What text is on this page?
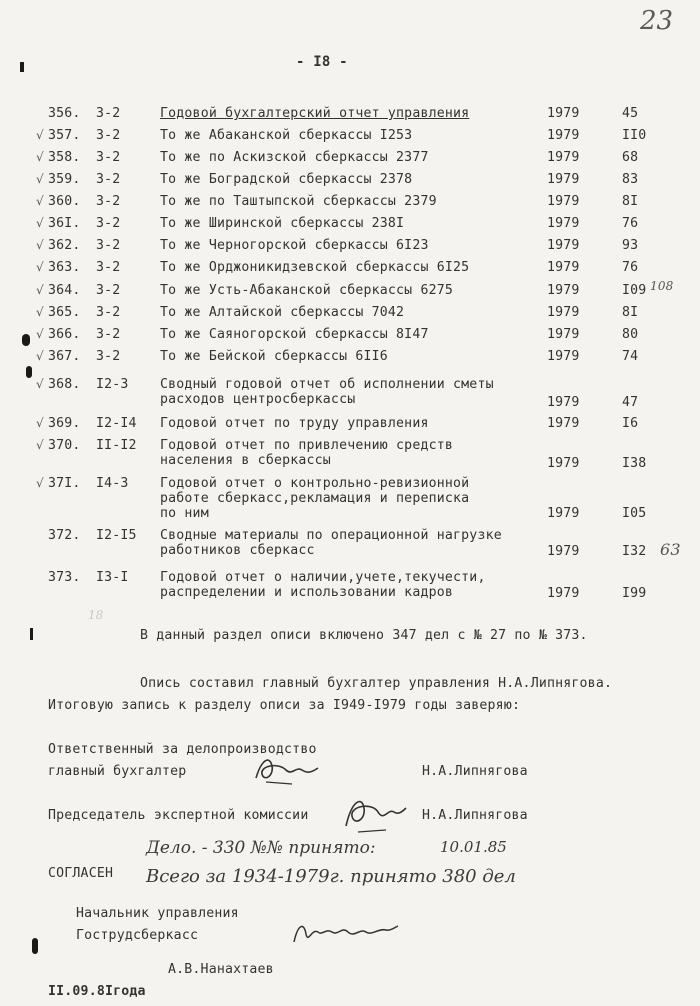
23
- I8 -
356. 3-2	Годовой бухгалтерский отчет управления	1979	45
√ 357. 3-2	То же Абаканской сберкассы I253	1979	II0
√ 358. 3-2	То же по Аскизской сберкассы 2377	1979	68
√ 359. 3-2	То же Боградской сберкассы 2378	1979	83
√ 360. 3-2	То же по Таштыпской сберкассы 2379	1979	8I
√ 36I. 3-2	То же Ширинской сберкассы 238I	1979	76
√ 362. 3-2	То же Черногорской сберкассы 6I23	1979	93
√ 363. 3-2	То же Орджоникидзевской сберкассы 6I25	1979	76
√ 364. 3-2	То же Усть-Абаканской сберкассы 6275	1979	I09 108
√ 365. 3-2	То же Алтайской сберкассы 7042	1979	8I
√ 366. 3-2	То же Саяногорской сберкассы 8I47	1979	80
√ 367. 3-2	То же Бейской сберкассы 6II6	1979	74
√ 368. I2-3 Сводный годовой отчет об исполнении сметы
расходов центросберкассы	1979	47
√ 369. I2-I4 Годовой отчет по труду управления	1979	I6
√ 370. II-I2 Годовой отчет по привлечению средств
населения в сберкассы	1979	I38
√ 37I. I4-3 Годовой отчет о контрольно-ревизионной
работе сберкасс,рекламация и переписка
по ним	1979	I05
372. I2-I5 Сводные материалы по операционной нагрузке
работников сберкасс	1979	I32 63
373. I3-I Годовой отчет о наличии,учете,текучести,
распределении и использовании кадров	1979	I99
18
В данный раздел описи включено 347 дел с № 27 по № 373.
Опись составил главный бухгалтер управления Н.А.Липнягова.
Итоговую запись к разделу описи за I949-I979 годы заверяю:
Ответственный за делопроизводство
главный бухгалтер	Н.А.Липнягова
Председатель экспертной комиссии	Н.А.Липнягова
Дело. - 330 №№ принято:	10.01.85
СОГЛАСЕН Всего за 1934-1979г. принято 380 дел
Начальник управления
Гострудсберкасс
А.В.Нанахтаев
II.09.8Iгода
